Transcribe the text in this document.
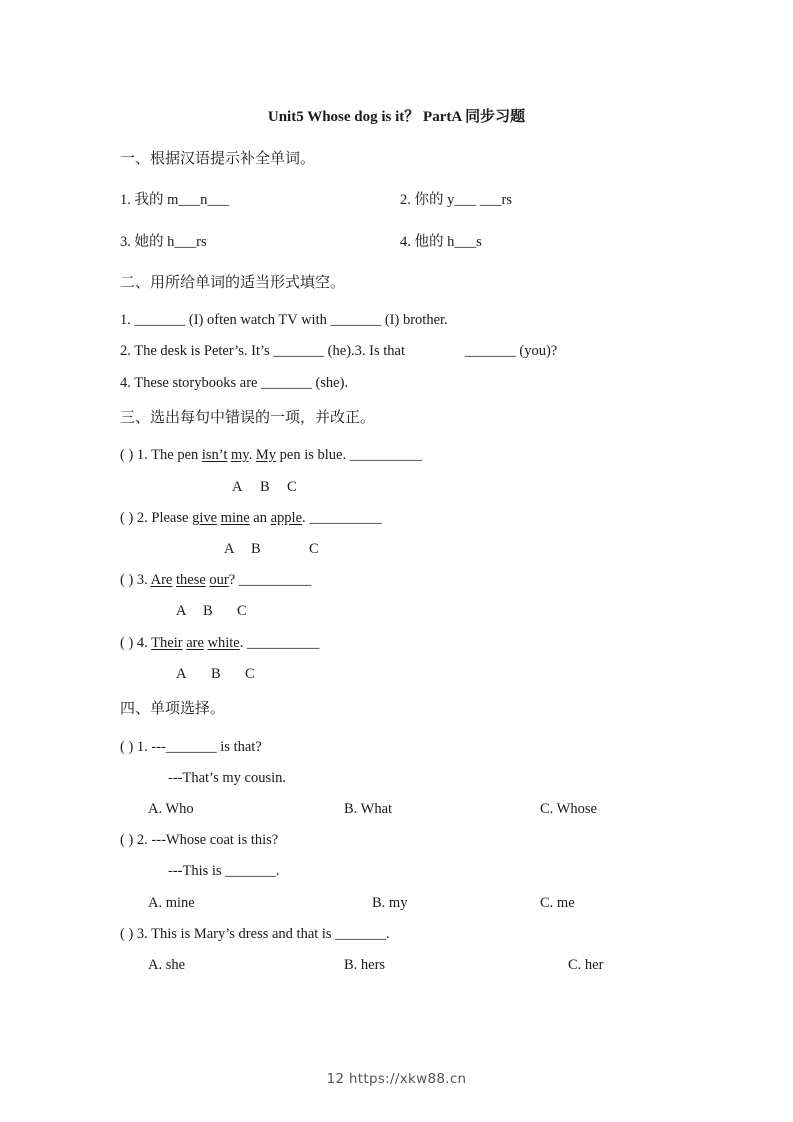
Unit5 Whose dog is it？ PartA 同步习题
一、根据汉语提示补全单词。
1. 我的 m___n___	2. 你的 y___ ___rs
3. 她的 h___rs	4. 他的 h___s
二、用所给单词的适当形式填空。
1. _______ (I) often watch TV with _______ (I) brother.
2. The desk is Peter’s. It’s _______ (he).3. Is that	_______ (you)?
4. These storybooks are _______ (she).
三、选出每句中错误的一项，并改正。
( ) 1. The pen isn’t my. My pen is blue. __________
A B C
( ) 2. Please give mine an apple. __________
A B	C
( ) 3. Are these our? __________
A B C
( ) 4. Their are white. __________
A B C
四、单项选择。
( ) 1. ---_______ is that?
---That’s my cousin.
A. Who	B. What	C. Whose
( ) 2. ---Whose coat is this?
---This is _______.
A. mine	B. my	C. me
( ) 3. This is Mary’s dress and that is _______.
A. she	B. hers	C. her
12 https://xkw88.cn
